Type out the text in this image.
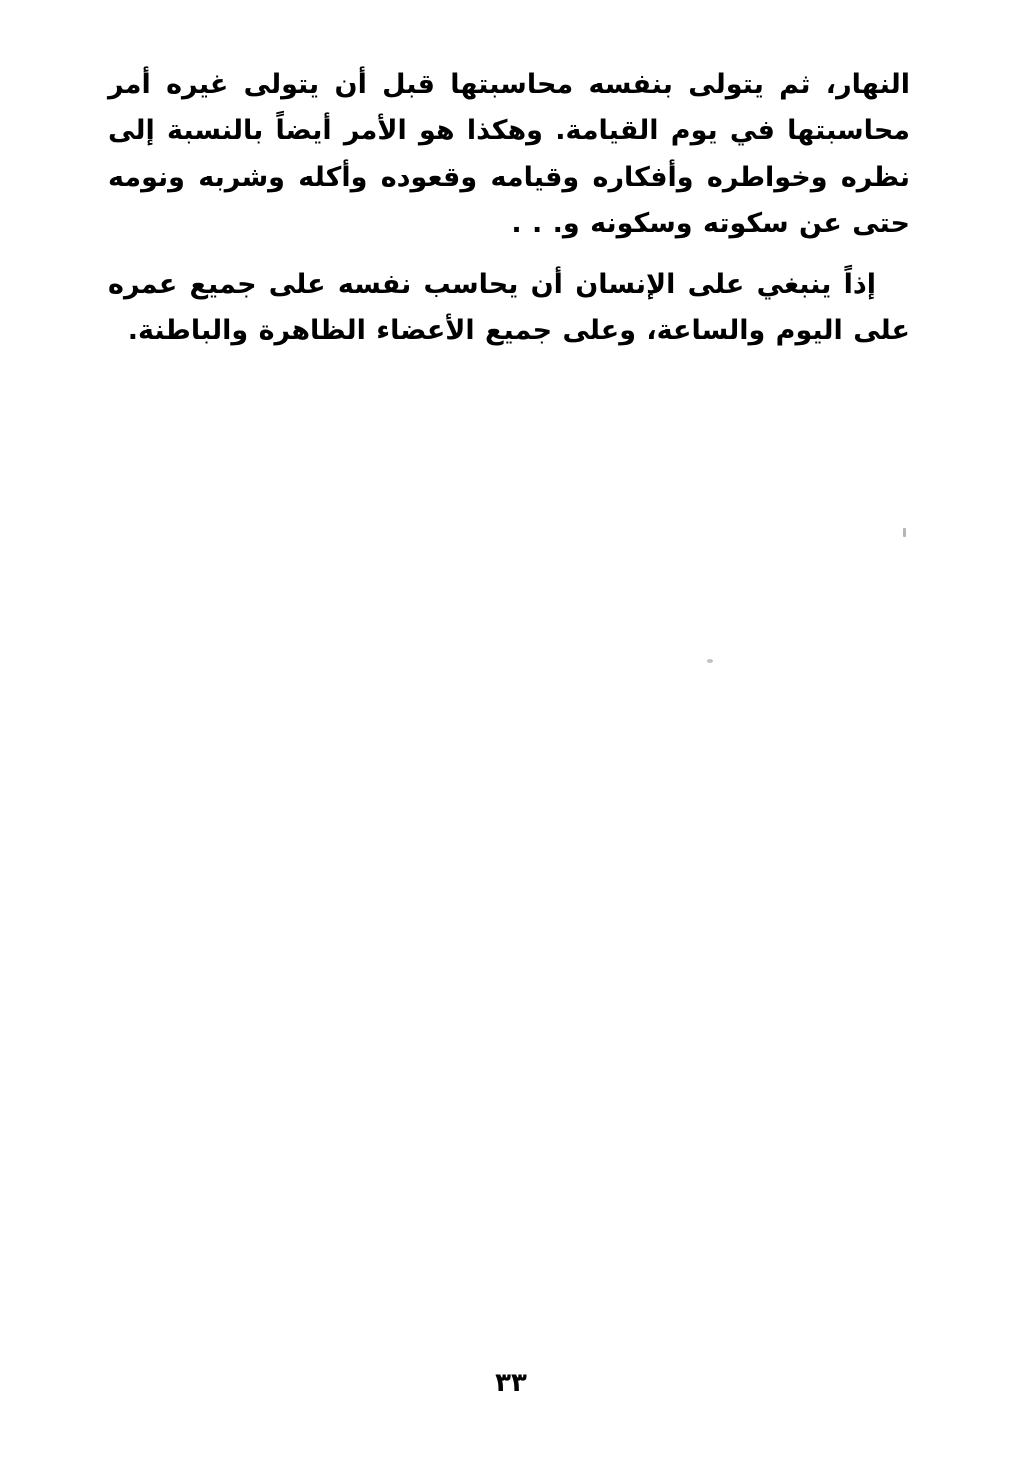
النهار، ثم يتولى بنفسه محاسبتها قبل أن يتولى غيره أمر محاسبتها في يوم القيامة. وهكذا هو الأمر أيضاً بالنسبة إلى نظره وخواطره وأفكاره وقيامه وقعوده وأكله وشربه ونومه حتى عن سكوته وسكونه و. . .

إذاً ينبغي على الإنسان أن يحاسب نفسه على جميع عمره على اليوم والساعة، وعلى جميع الأعضاء الظاهرة والباطنة.

٣٣
